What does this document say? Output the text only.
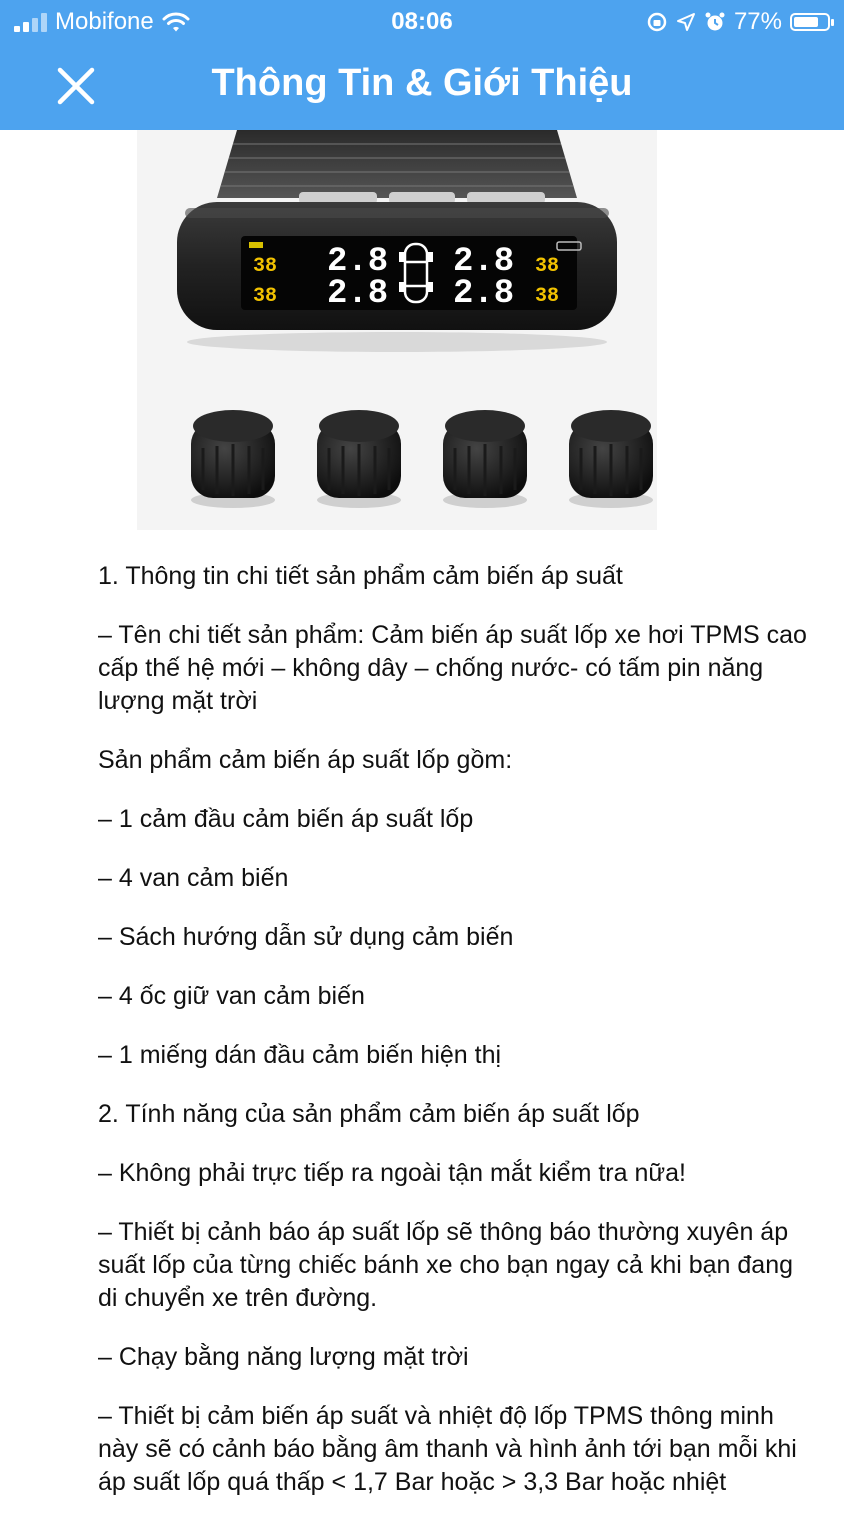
Mobifone	08:06	77%
Thông Tin & Giới Thiệu
38
38
2.8
2.8
2.8
2.8
38
38

1. Thông tin chi tiết sản phẩm cảm biến áp suất

– Tên chi tiết sản phẩm: Cảm biến áp suất lốp xe hơi TPMS cao cấp thế hệ mới – không dây – chống nước- có tấm pin năng lượng mặt trời

Sản phẩm cảm biến áp suất lốp gồm:

– 1 cảm đầu cảm biến áp suất lốp

– 4 van cảm biến

– Sách hướng dẫn sử dụng cảm biến

– 4 ốc giữ van cảm biến

– 1 miếng dán đầu cảm biến hiện thị

2. Tính năng của sản phẩm cảm biến áp suất lốp

– Không phải trực tiếp ra ngoài tận mắt kiểm tra nữa!

– Thiết bị cảnh báo áp suất lốp sẽ thông báo thường xuyên áp suất lốp của từng chiếc bánh xe cho bạn ngay cả khi bạn đang di chuyển xe trên đường.

– Chạy bằng năng lượng mặt trời

– Thiết bị cảm biến áp suất và nhiệt độ lốp TPMS thông minh này sẽ có cảnh báo bằng âm thanh và hình ảnh tới bạn mỗi khi áp suất lốp quá thấp < 1,7 Bar hoặc > 3,3 Bar hoặc nhiệt
